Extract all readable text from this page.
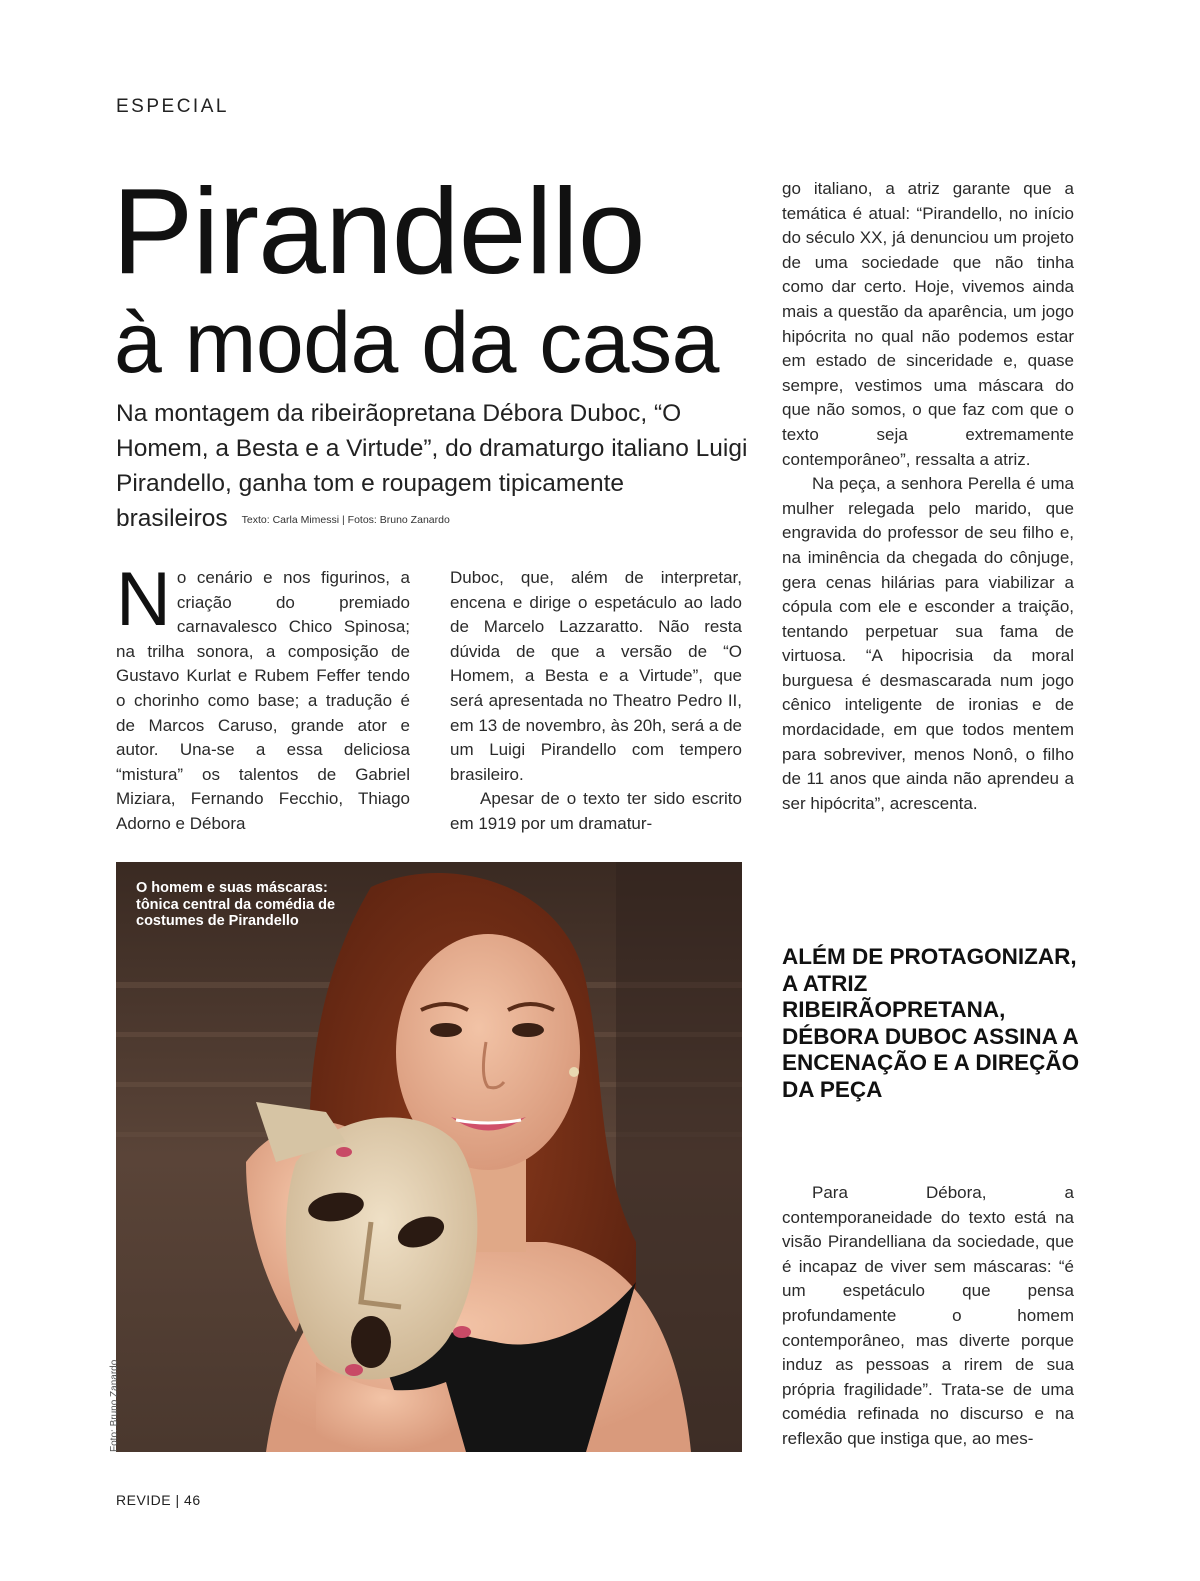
ESPECIAL
Pirandello
à moda da casa
Na montagem da ribeirãopretana Débora Duboc, “O Homem, a Besta e a Virtude”, do dramaturgo italiano Luigi Pirandello, ganha tom e roupagem tipicamente brasileiros Texto: Carla Mimessi | Fotos: Bruno Zanardo

No cenário e nos figurinos, a criação do premiado carnavalesco Chico Spinosa; na trilha sonora, a composição de Gustavo Kurlat e Rubem Feffer tendo o chorinho como base; a tradução é de Marcos Caruso, grande ator e autor. Una-se a essa deliciosa “mistura” os talentos de Gabriel Miziara, Fernando Fecchio, Thiago Adorno e Débora

Duboc, que, além de interpretar, encena e dirige o espetáculo ao lado de Marcelo Lazzaratto. Não resta dúvida de que a versão de “O Homem, a Besta e a Virtude”, que será apresentada no Theatro Pedro II, em 13 de novembro, às 20h, será a de um Luigi Pirandello com tempero brasileiro.

Apesar de o texto ter sido escrito em 1919 por um dramatur-

go italiano, a atriz garante que a temática é atual: “Pirandello, no início do século XX, já denunciou um projeto de uma sociedade que não tinha como dar certo. Hoje, vivemos ainda mais a questão da aparência, um jogo hipócrita no qual não podemos estar em estado de sinceridade e, quase sempre, vestimos uma máscara do que não somos, o que faz com que o texto seja extremamente contemporâneo”, ressalta a atriz.

Na peça, a senhora Perella é uma mulher relegada pelo marido, que engravida do professor de seu filho e, na iminência da chegada do cônjuge, gera cenas hilárias para viabilizar a cópula com ele e esconder a traição, tentando perpetuar sua fama de virtuosa. “A hipocrisia da moral burguesa é desmascarada num jogo cênico inteligente de ironias e de mordacidade, em que todos mentem para sobreviver, menos Nonô, o filho de 11 anos que ainda não aprendeu a ser hipócrita”, acrescenta.

ALÉM DE PROTAGONIZAR, A ATRIZ RIBEIRÃOPRETANA, DÉBORA DUBOC ASSINA A ENCENAÇÃO E A DIREÇÃO DA PEÇA

Para Débora, a contemporaneidade do texto está na visão Pirandelliana da sociedade, que é incapaz de viver sem máscaras: “é um espetáculo que pensa profundamente o homem contemporâneo, mas diverte porque induz as pessoas a rirem de sua própria fragilidade”. Trata-se de uma comédia refinada no discurso e na reflexão que instiga que, ao mes-

O homem e suas máscaras: tônica central da comédia de costumes de Pirandello
Foto: Bruno Zanardo
REVIDE | 46
